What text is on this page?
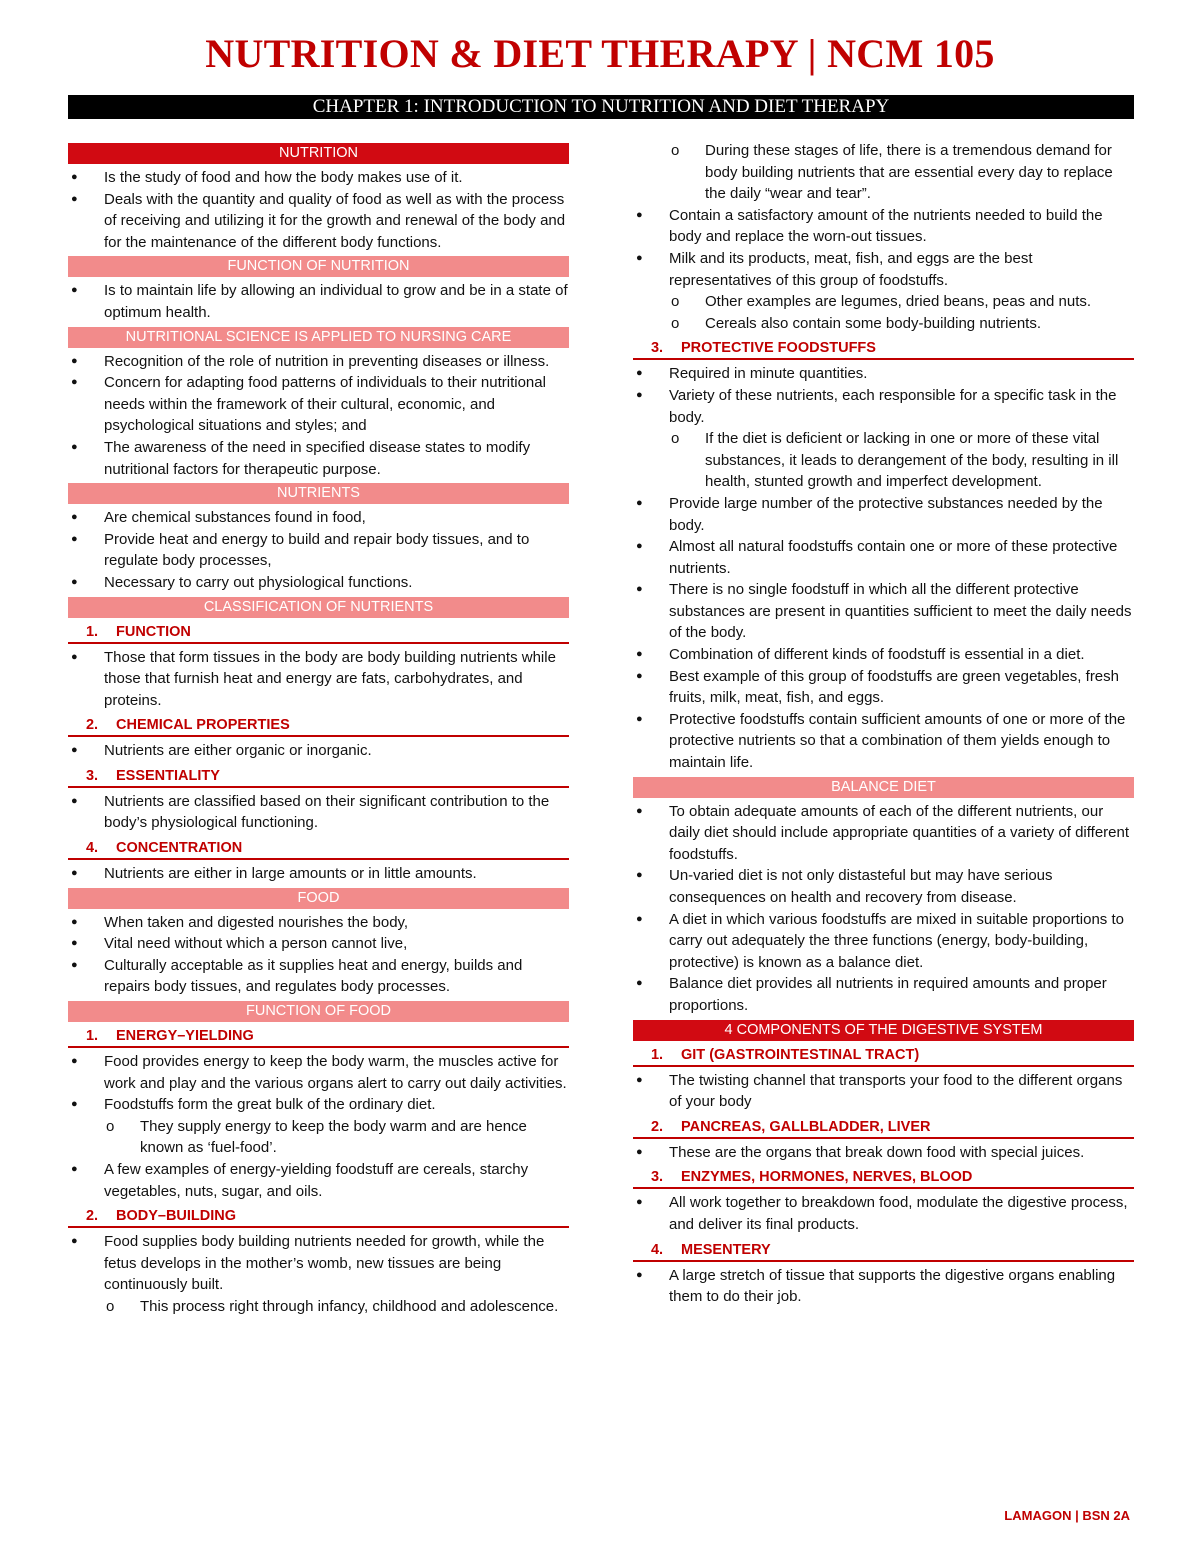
NUTRITION & DIET THERAPY | NCM 105
CHAPTER 1: INTRODUCTION TO NUTRITION AND DIET THERAPY
NUTRITION
●	Is the study of food and how the body makes use of it.
●	Deals with the quantity and quality of food as well as with the process of receiving and utilizing it for the growth and renewal of the body and for the maintenance of the different body functions.
FUNCTION OF NUTRITION
●	Is to maintain life by allowing an individual to grow and be in a state of optimum health.
NUTRITIONAL SCIENCE IS APPLIED TO NURSING CARE
●	Recognition of the role of nutrition in preventing diseases or illness.
●	Concern for adapting food patterns of individuals to their nutritional needs within the framework of their cultural, economic, and psychological situations and styles; and
●	The awareness of the need in specified disease states to modify nutritional factors for therapeutic purpose.
NUTRIENTS
●	Are chemical substances found in food,
●	Provide heat and energy to build and repair body tissues, and to regulate body processes,
●	Necessary to carry out physiological functions.
CLASSIFICATION OF NUTRIENTS
1.	FUNCTION
●	Those that form tissues in the body are body building nutrients while those that furnish heat and energy are fats, carbohydrates, and proteins.
2.	CHEMICAL PROPERTIES
●	Nutrients are either organic or inorganic.
3.	ESSENTIALITY
●	Nutrients are classified based on their significant contribution to the body’s physiological functioning.
4.	CONCENTRATION
●	Nutrients are either in large amounts or in little amounts.
FOOD
●	When taken and digested nourishes the body,
●	Vital need without which a person cannot live,
●	Culturally acceptable as it supplies heat and energy, builds and repairs body tissues, and regulates body processes.
FUNCTION OF FOOD
1.	ENERGY–YIELDING
●	Food provides energy to keep the body warm, the muscles active for work and play and the various organs alert to carry out daily activities.
●	Foodstuffs form the great bulk of the ordinary diet.
o	They supply energy to keep the body warm and are hence known as ‘fuel-food’.
●	A few examples of energy-yielding foodstuff are cereals, starchy vegetables, nuts, sugar, and oils.
2.	BODY–BUILDING
●	Food supplies body building nutrients needed for growth, while the fetus develops in the mother’s womb, new tissues are being continuously built.
o	This process right through infancy, childhood and adolescence.
o	During these stages of life, there is a tremendous demand for body building nutrients that are essential every day to replace the daily “wear and tear”.
●	Contain a satisfactory amount of the nutrients needed to build the body and replace the worn-out tissues.
●	Milk and its products, meat, fish, and eggs are the best representatives of this group of foodstuffs.
o	Other examples are legumes, dried beans, peas and nuts.
o	Cereals also contain some body-building nutrients.
3.	PROTECTIVE FOODSTUFFS
●	Required in minute quantities.
●	Variety of these nutrients, each responsible for a specific task in the body.
o	If the diet is deficient or lacking in one or more of these vital substances, it leads to derangement of the body, resulting in ill health, stunted growth and imperfect development.
●	Provide large number of the protective substances needed by the body.
●	Almost all natural foodstuffs contain one or more of these protective nutrients.
●	There is no single foodstuff in which all the different protective substances are present in quantities sufficient to meet the daily needs of the body.
●	Combination of different kinds of foodstuff is essential in a diet.
●	Best example of this group of foodstuffs are green vegetables, fresh fruits, milk, meat, fish, and eggs.
●	Protective foodstuffs contain sufficient amounts of one or more of the protective nutrients so that a combination of them yields enough to maintain life.
BALANCE DIET
●	To obtain adequate amounts of each of the different nutrients, our daily diet should include appropriate quantities of a variety of different foodstuffs.
●	Un-varied diet is not only distasteful but may have serious consequences on health and recovery from disease.
●	A diet in which various foodstuffs are mixed in suitable proportions to carry out adequately the three functions (energy, body-building, protective) is known as a balance diet.
●	Balance diet provides all nutrients in required amounts and proper proportions.
4 COMPONENTS OF THE DIGESTIVE SYSTEM
1.	GIT (GASTROINTESTINAL TRACT)
●	The twisting channel that transports your food to the different organs of your body
2.	PANCREAS, GALLBLADDER, LIVER
●	These are the organs that break down food with special juices.
3.	ENZYMES, HORMONES, NERVES, BLOOD
●	All work together to breakdown food, modulate the digestive process, and deliver its final products.
4.	MESENTERY
●	A large stretch of tissue that supports the digestive organs enabling them to do their job.
LAMAGON | BSN 2A
